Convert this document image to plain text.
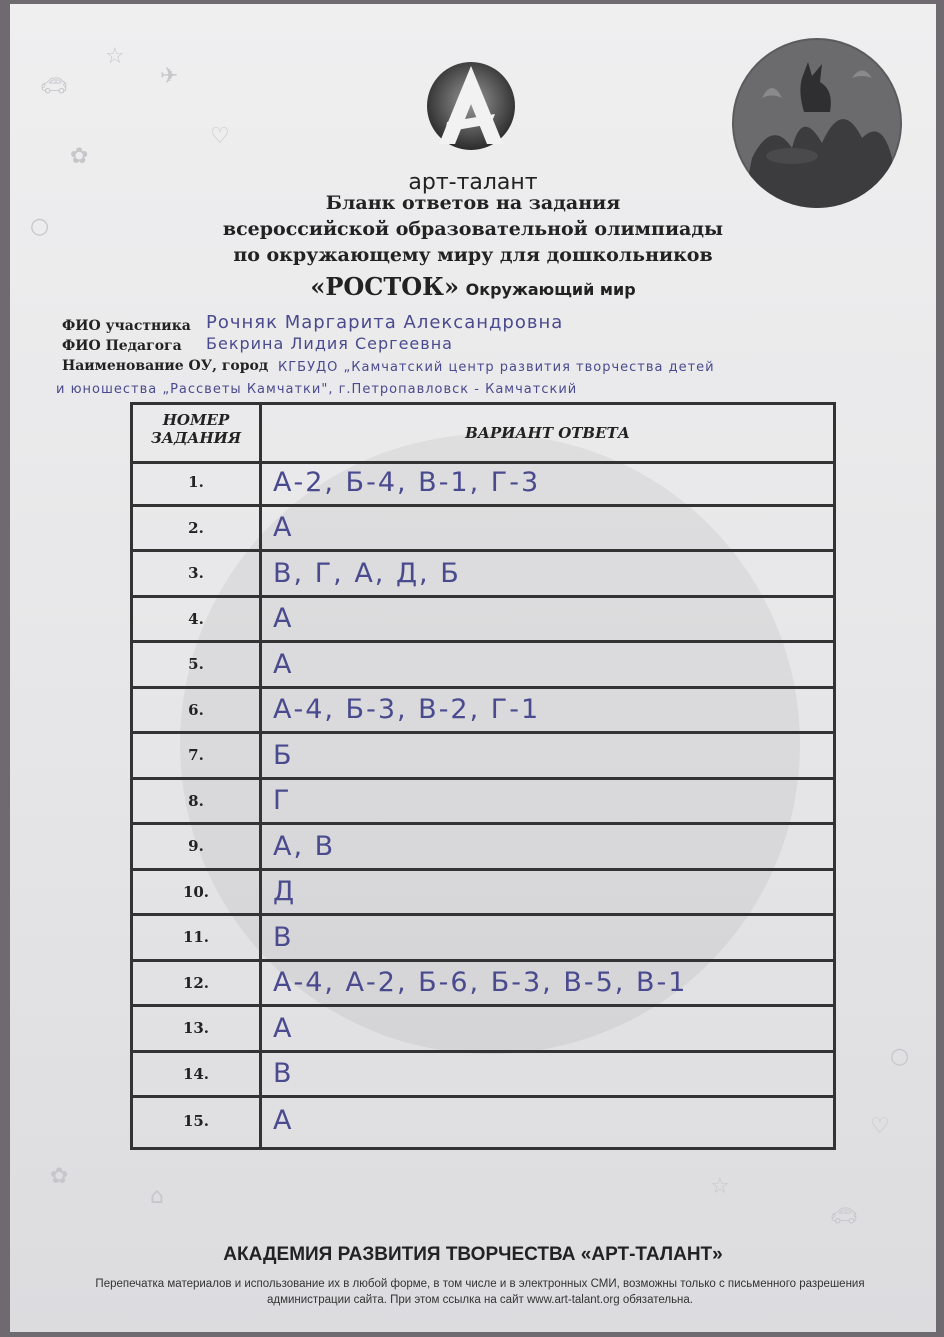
🚗︎
☆
✈︎
✿
♡
○
✿
⌂	☆
🚗︎
○
♡
арт-талант
Бланк ответов на задания
всероссийской образовательной олимпиады
по окружающему миру для дошкольников
«РОСТОК» Окружающий мир
ФИО участника Рочняк Маргарита Александровна
ФИО Педагога Бекрина Лидия Сергеевна
Наименование ОУ, город КГБУДО „Камчатский центр развития творчества детей
и юношества „Рассветы Камчатки", г.Петропавловск - Камчатский
НОМЕР
ЗАДАНИЯ	ВАРИАНТ ОТВЕТА
1.	А-2, Б-4, В-1, Г-3
2.	А
3.	В, Г, А, Д, Б
4.	А
5.	А
6.	А-4, Б-3, В-2, Г-1
7.	Б
8.	Г
9.	А, В
10.	Д
11.	В
12.	А-4, А-2, Б-6, Б-3, В-5, В-1
13.	А
14.	В
15.	А
АКАДЕМИЯ РАЗВИТИЯ ТВОРЧЕСТВА «АРТ-ТАЛАНТ»
Перепечатка материалов и использование их в любой форме, в том числе и в электронных СМИ, возможны только с письменного разрешения администрации сайта. При этом ссылка на сайт www.art-talant.org обязательна.
